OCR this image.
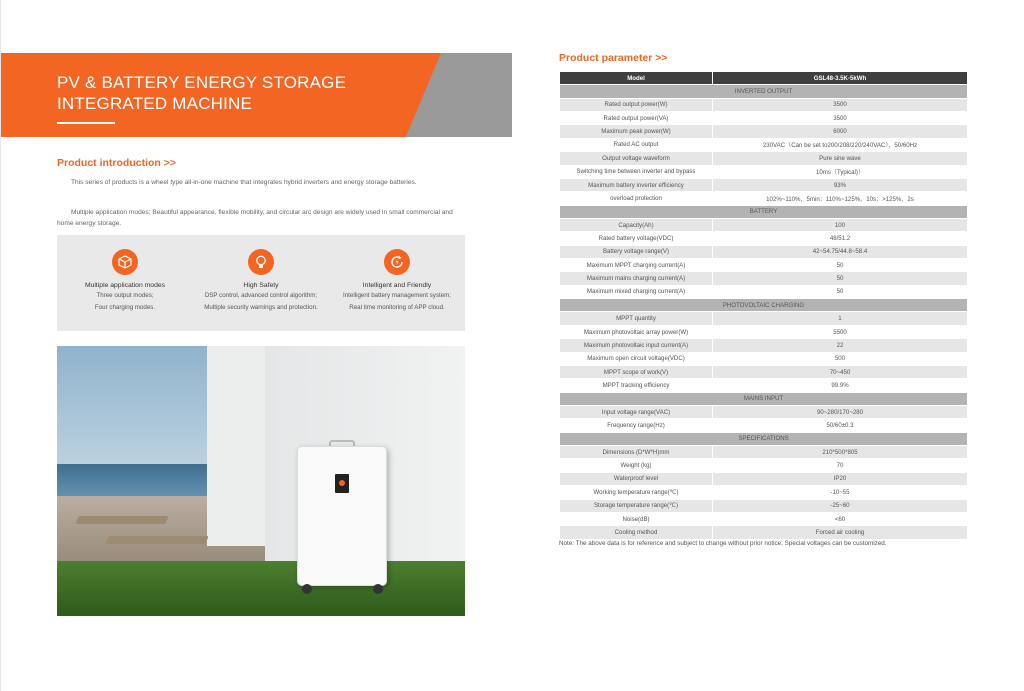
PV & BATTERY ENERGY STORAGE
INTEGRATED MACHINE
Product introduction >>

This series of products is a wheel type all-in-one machine that integrates hybrid inverters and energy storage batteries.

Multiple application modes; Beautiful appearance, flexible mobility, and circular arc design are widely used in small commercial and home energy storage.

Multiple application modes
Three output modes;
Four charging modes.
High Safety
DSP control, advanced control algorithm;
Multiple security warnings and protection.
Intelligent and Friendly
Intelligent battery management system;
Real time monitoring of APP cloud.
Product parameter >>
Model	GSL48-3.5K-5kWh
INVERTED OUTPUT	
Rated output power(W)	3500
Rated output power(VA)	3500
Maximum peak power(W)	6000
Rated AC output	230VAC（Can be set to200/208/220/240VAC），50/60Hz
Output voltage waveform	Pure sine wave
Switching time between inverter and bypass	10ms（Typical)）
Maximum battery inverter efficiency	93%
overload protection	102%~110%，5min；110%~125%，10s；>125%，2s
BATTERY	
Capacity(Ah)	100
Rated battery voltage(VDC)	48/51.2
Battery voltage range(V)	42~54.75/44.8~58.4
Maximum MPPT charging current(A)	50
Maximum mains charging current(A)	50
Maximum mixed charging current(A)	50
PHOTOVOLTAIC CHARGING	
MPPT quantity	1
Maximum photovoltaic array power(W)	5500
Maximum photovoltaic input current(A)	22
Maximum open circuit voltage(VDC)	500
MPPT scope of work(V)	70~450
MPPT tracking efficiency	99.9%
MAINS INPUT	
Input voltage range(VAC)	90~280/170~280
Frequency range(Hz)	50/60±0.3
SPECIFICATIONS	
Dimensions (D*W*H)mm	210*500*805
Weight (kg)	70
Waterproof level	IP20
Working temperature range(℃)	-10~55
Storage temperature range(℃)	-25~60
Noise(dB)	<60
Cooling method	Forced air cooling
Note: The above data is for reference and subject to change without prior notice. Special voltages can be customized.
